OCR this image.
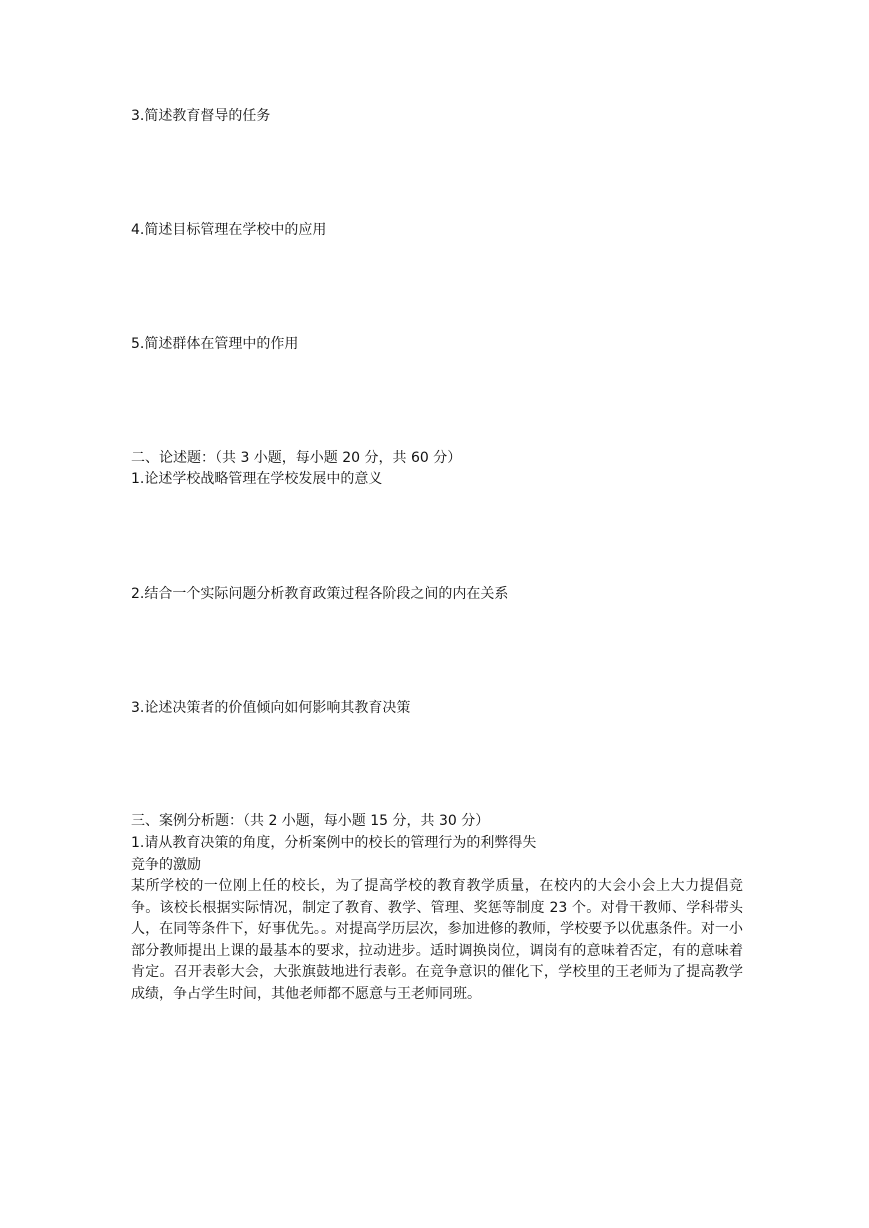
3.简述教育督导的任务
4.简述目标管理在学校中的应用
5.简述群体在管理中的作用
二、论述题：（共 3 小题，每小题 20 分，共 60 分）
1.论述学校战略管理在学校发展中的意义
2.结合一个实际问题分析教育政策过程各阶段之间的内在关系
3.论述决策者的价值倾向如何影响其教育决策
三、案例分析题：（共 2 小题，每小题 15 分，共 30 分）
1.请从教育决策的角度，分析案例中的校长的管理行为的利弊得失
竞争的激励
某所学校的一位刚上任的校长，为了提高学校的教育教学质量，在校内的大会小会上大力提倡竞争。该校长根据实际情况，制定了教育、教学、管理、奖惩等制度 23 个。对骨干教师、学科带头人，在同等条件下，好事优先。。对提高学历层次，参加进修的教师，学校要予以优惠条件。对一小部分教师提出上课的最基本的要求，拉动进步。适时调换岗位，调岗有的意味着否定，有的意味着肯定。召开表彰大会，大张旗鼓地进行表彰。在竞争意识的催化下，学校里的王老师为了提高教学成绩，争占学生时间，其他老师都不愿意与王老师同班。
